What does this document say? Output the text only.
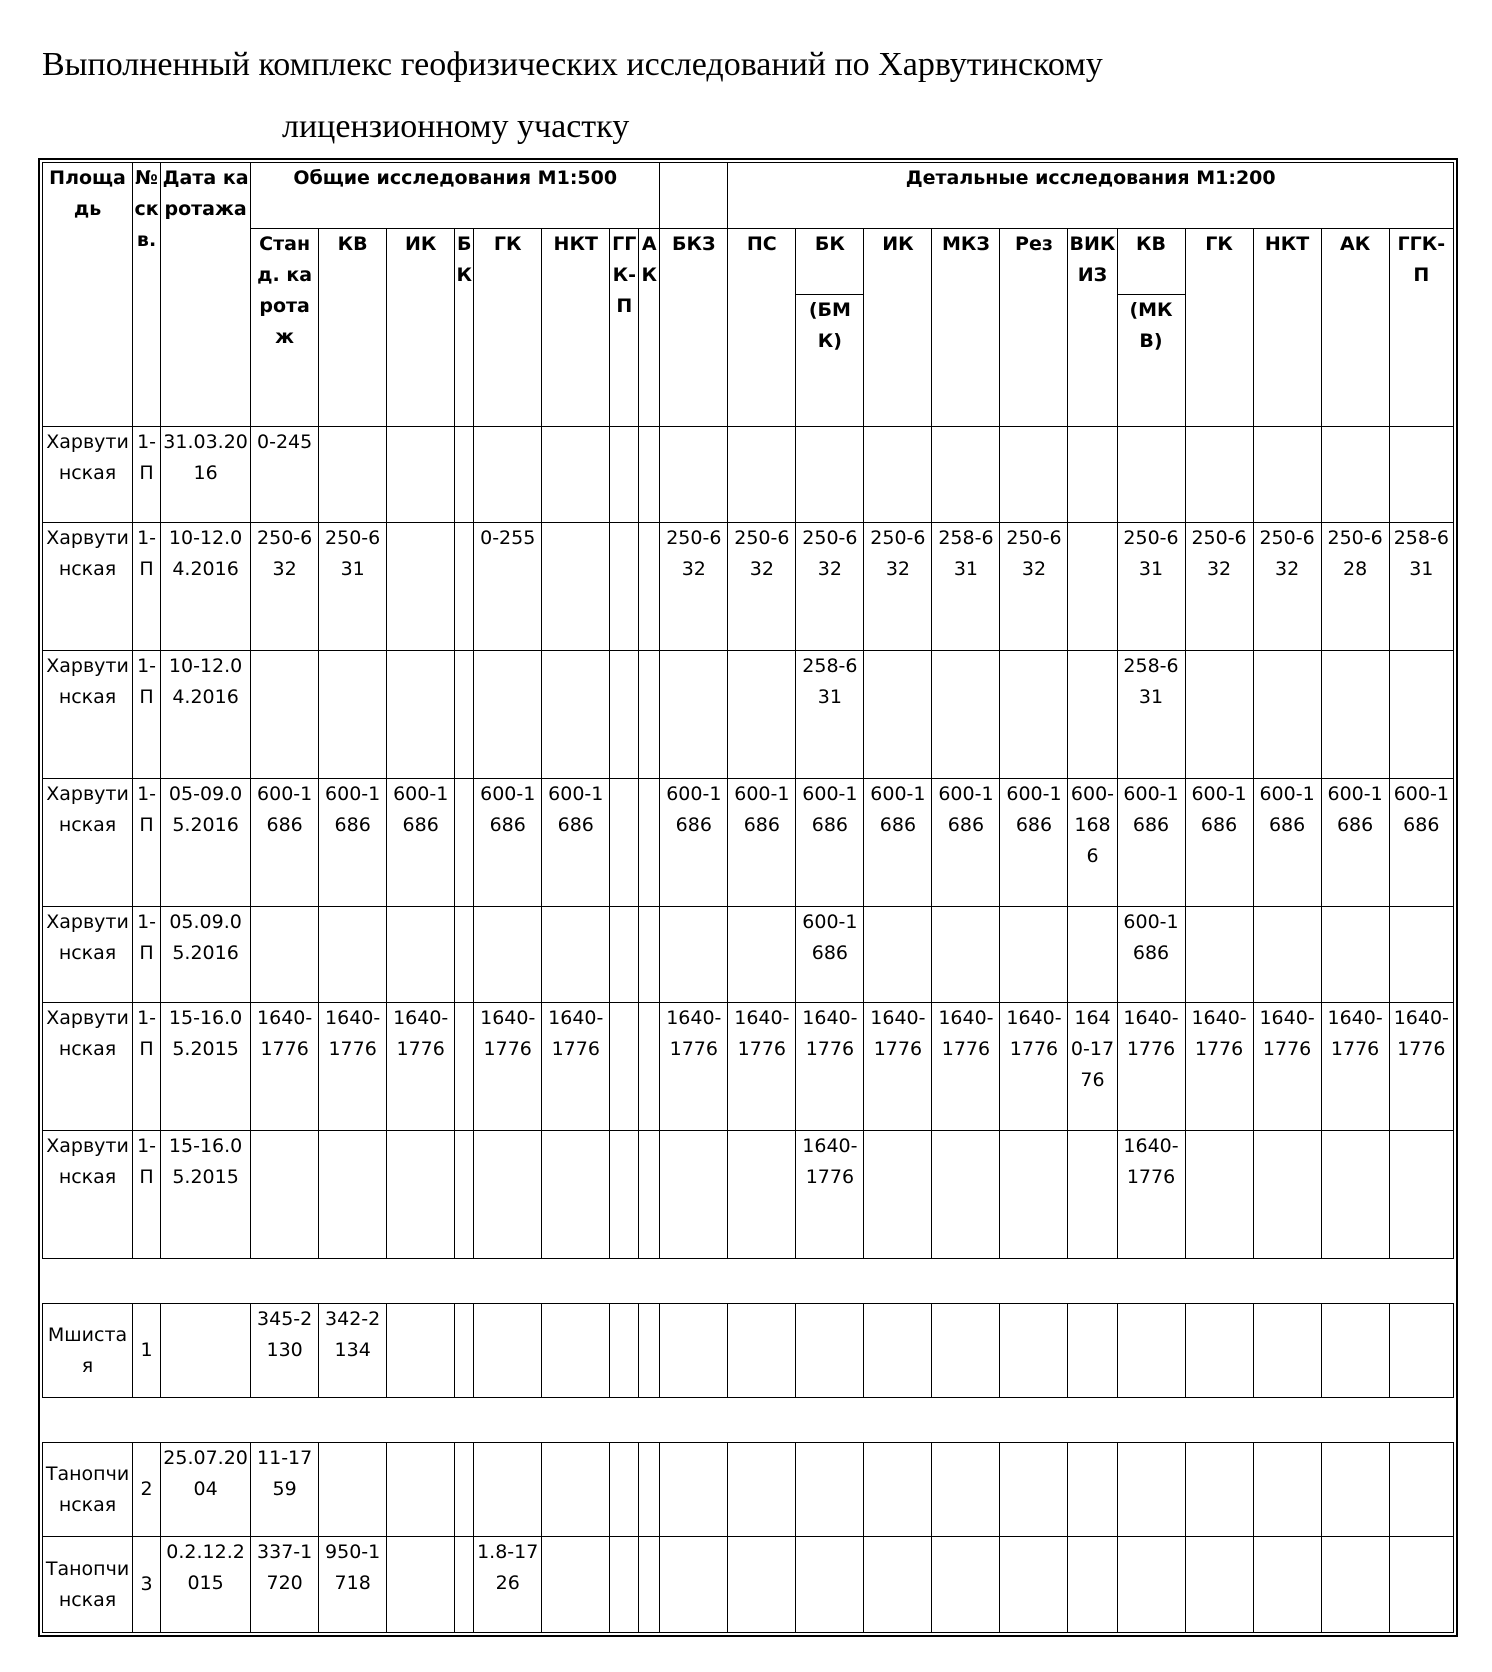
Выполненный комплекс геофизических исследований по Харвутинскому
лицензионному участку
Площадь	№ скв.	Дата каротажа	Общие исследования М1:500									Детальные исследования М1:200										
			Станд. каротаж	КВ	ИК	БК	ГК	НКТ	ГГК-П	АК	БКЗ	ПС	БК	ИК	МКЗ	Рез	ВИКИЗ	КВ	ГК	НКТ	АК	ГГК-П
													(БМК)					(МКВ)				
Харвутинская	1-П	31.03.2016	0-245																			
Харвутинская	1-П	10-12.04.2016	250-632	250-631			0-255				250-632	250-632	250-632	250-632	258-631	250-632		250-631	250-632	250-632	250-628	258-631
Харвутинская	1-П	10-12.04.2016											258-631					258-631				
Харвутинская	1-П	05-09.05.2016	600-1686	600-1686	600-1686		600-1686	600-1686			600-1686	600-1686	600-1686	600-1686	600-1686	600-1686	600-1686	600-1686	600-1686	600-1686	600-1686	600-1686
Харвутинская	1-П	05.09.05.2016											600-1686					600-1686				
Харвутинская	1-П	15-16.05.2015	1640-1776	1640-1776	1640-1776		1640-1776	1640-1776			1640-1776	1640-1776	1640-1776	1640-1776	1640-1776	1640-1776	1640-1776	1640-1776	1640-1776	1640-1776	1640-1776	1640-1776
Харвутинская	1-П	15-16.05.2015											1640-1776					1640-1776				

Мшистая	1		345-2130	342-2134																		

Танопчинская	2	25.07.2004	11-1759																			
Танопчинская	3	0.2.12.2015	337-1720	950-1718			1.8-1726															
